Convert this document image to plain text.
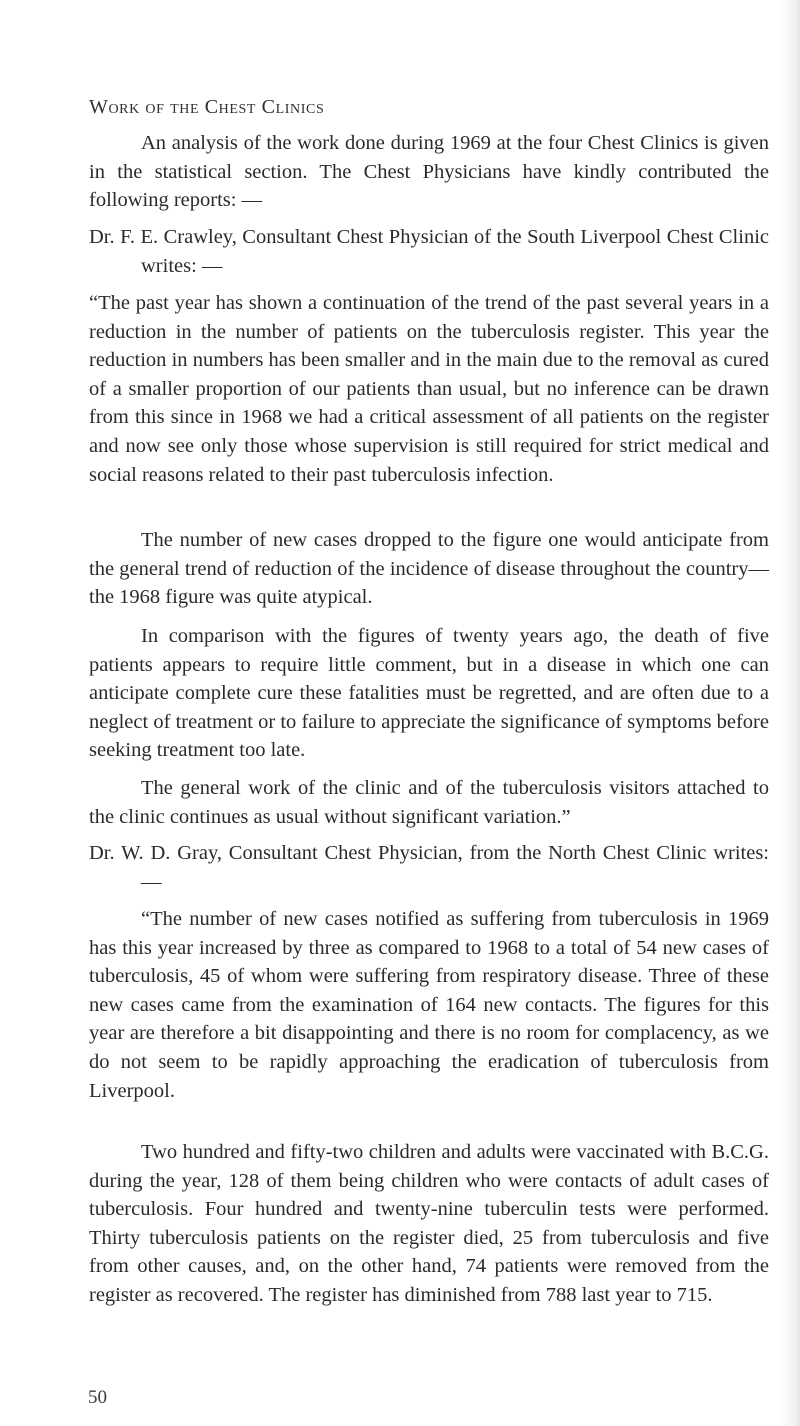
Work of the Chest Clinics

An analysis of the work done during 1969 at the four Chest Clinics is given in the statistical section. The Chest Physicians have kindly contributed the following reports: —

Dr. F. E. Crawley, Consultant Chest Physician of the South Liverpool Chest Clinic writes: —

“The past year has shown a continuation of the trend of the past several years in a reduction in the number of patients on the tuberculosis register. This year the reduction in numbers has been smaller and in the main due to the removal as cured of a smaller proportion of our patients than usual, but no inference can be drawn from this since in 1968 we had a critical assessment of all patients on the register and now see only those whose supervision is still required for strict medical and social reasons related to their past tuberculosis infection.

The number of new cases dropped to the figure one would anticipate from the general trend of reduction of the incidence of disease throughout the country—the 1968 figure was quite atypical.

In comparison with the figures of twenty years ago, the death of five patients appears to require little comment, but in a disease in which one can anticipate complete cure these fatalities must be regretted, and are often due to a neglect of treatment or to failure to appreciate the significance of symptoms before seeking treatment too late.

The general work of the clinic and of the tuberculosis visitors attached to the clinic continues as usual without significant variation.”

Dr. W. D. Gray, Consultant Chest Physician, from the North Chest Clinic writes:—

“The number of new cases notified as suffering from tuberculosis in 1969 has this year increased by three as compared to 1968 to a total of 54 new cases of tuberculosis, 45 of whom were suffering from respiratory disease. Three of these new cases came from the examination of 164 new contacts. The figures for this year are therefore a bit disappointing and there is no room for complacency, as we do not seem to be rapidly approaching the eradication of tuberculosis from Liverpool.

Two hundred and fifty-two children and adults were vaccinated with B.C.G. during the year, 128 of them being children who were contacts of adult cases of tuberculosis. Four hundred and twenty-nine tuberculin tests were performed. Thirty tuberculosis patients on the register died, 25 from tuberculosis and five from other causes, and, on the other hand, 74 patients were removed from the register as recovered. The register has diminished from 788 last year to 715.

50
